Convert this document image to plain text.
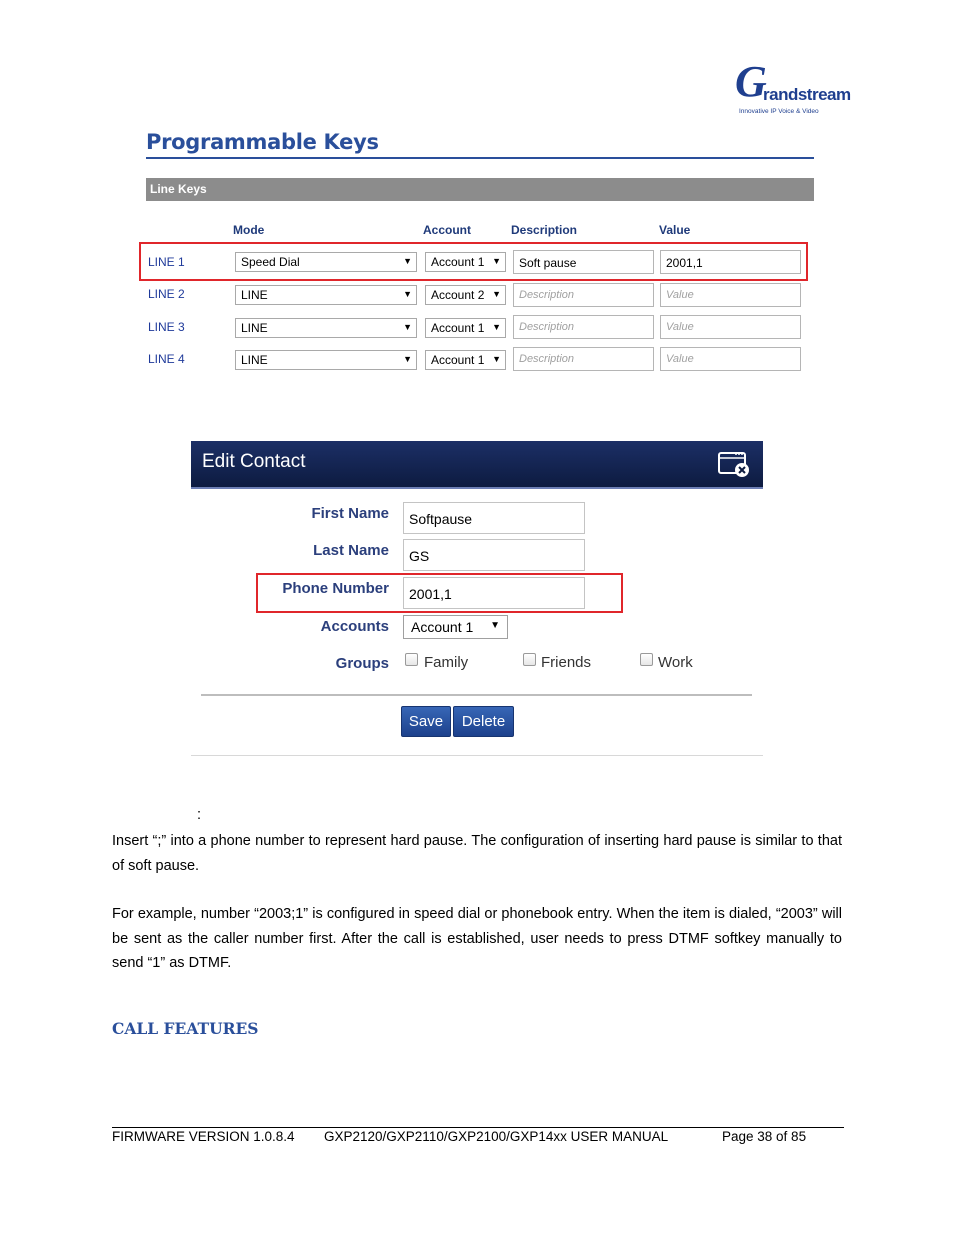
G
randstream
Innovative IP Voice & Video
Programmable Keys
Line Keys
Mode	Account	Description	Value
LINE 1	Speed Dial	▼	Account 1 ▼	Soft pause	2001,1
LINE 2	LINE	▼	Account 2 ▼	Description	Value
LINE 3	LINE	▼	Account 1 ▼	Description	Value
LINE 4	LINE	▼	Account 1 ▼	Description	Value
Edit Contact
First Name	Softpause
Last Name	GS
Phone Number	2001,1
Accounts	Account 1 ▼
Groups Family	Friends	Work
Save	Delete
:
Insert “;” into a phone number to represent hard pause. The configuration of inserting hard pause is similar to that of soft pause.
For example, number “2003;1” is configured in speed dial or phonebook entry. When the item is dialed, “2003” will be sent as the caller number first. After the call is established, user needs to press DTMF softkey manually to send “1” as DTMF.
CALL FEATURES
FIRMWARE VERSION 1.0.8.4 GXP2120/GXP2110/GXP2100/GXP14xx USER MANUAL	Page 38 of 85
